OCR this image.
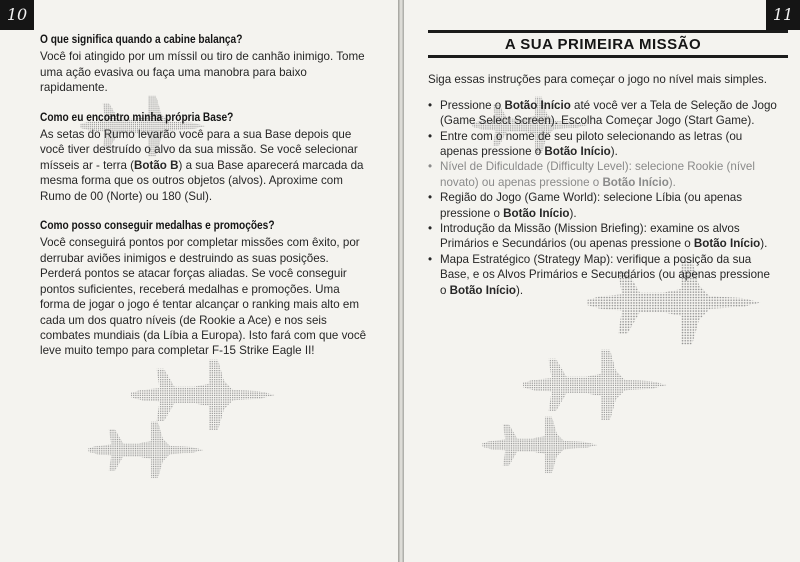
10
O que significa quando a cabine balança?

Você foi atingido por um míssil ou tiro de canhão inimigo. Tome uma ação evasiva ou faça uma manobra para baixo rapidamente.

Como eu encontro minha própria Base?

As setas do Rumo levarão você para a sua Base depois que você tiver destruído o alvo da sua missão. Se você selecionar mísseis ar - terra (Botão B) a sua Base aparecerá marcada da mesma forma que os outros objetos (alvos). Aproxime com Rumo de 00 (Norte) ou 180 (Sul).

Como posso conseguir medalhas e promoções?

Você conseguirá pontos por completar missões com êxito, por derrubar aviões inimigos e destruindo as suas posições. Perderá pontos se atacar forças aliadas. Se você conseguir pontos suficientes, receberá medalhas e promoções. Uma forma de jogar o jogo é tentar alcançar o ranking mais alto em cada um dos quatro níveis (de Rookie a Ace) e nos seis combates mundiais (da Líbia a Europa). Isto fará com que você leve muito tempo para completar F-15 Strike Eagle II!

11
A SUA PRIMEIRA MISSÃO

Siga essas instruções para começar o jogo no nível mais simples.

• Pressione o Botão Início até você ver a Tela de Seleção de Jogo (Game Select Screen). Escolha Começar Jogo (Start Game).
• Entre com o nome de seu piloto selecionando as letras (ou apenas pressione o Botão Início).
• Nível de Dificuldade (Difficulty Level): selecione Rookie (nível novato) ou apenas pressione o Botão Início).
• Região do Jogo (Game World): selecione Líbia (ou apenas pressione o Botão Início).
• Introdução da Missão (Mission Briefing): examine os alvos Primários e Secundários (ou apenas pressione o Botão Início).
• Mapa Estratégico (Strategy Map): verifique a posição da sua Base, e os Alvos Primários e Secundários (ou apenas pressione o Botão Início).
